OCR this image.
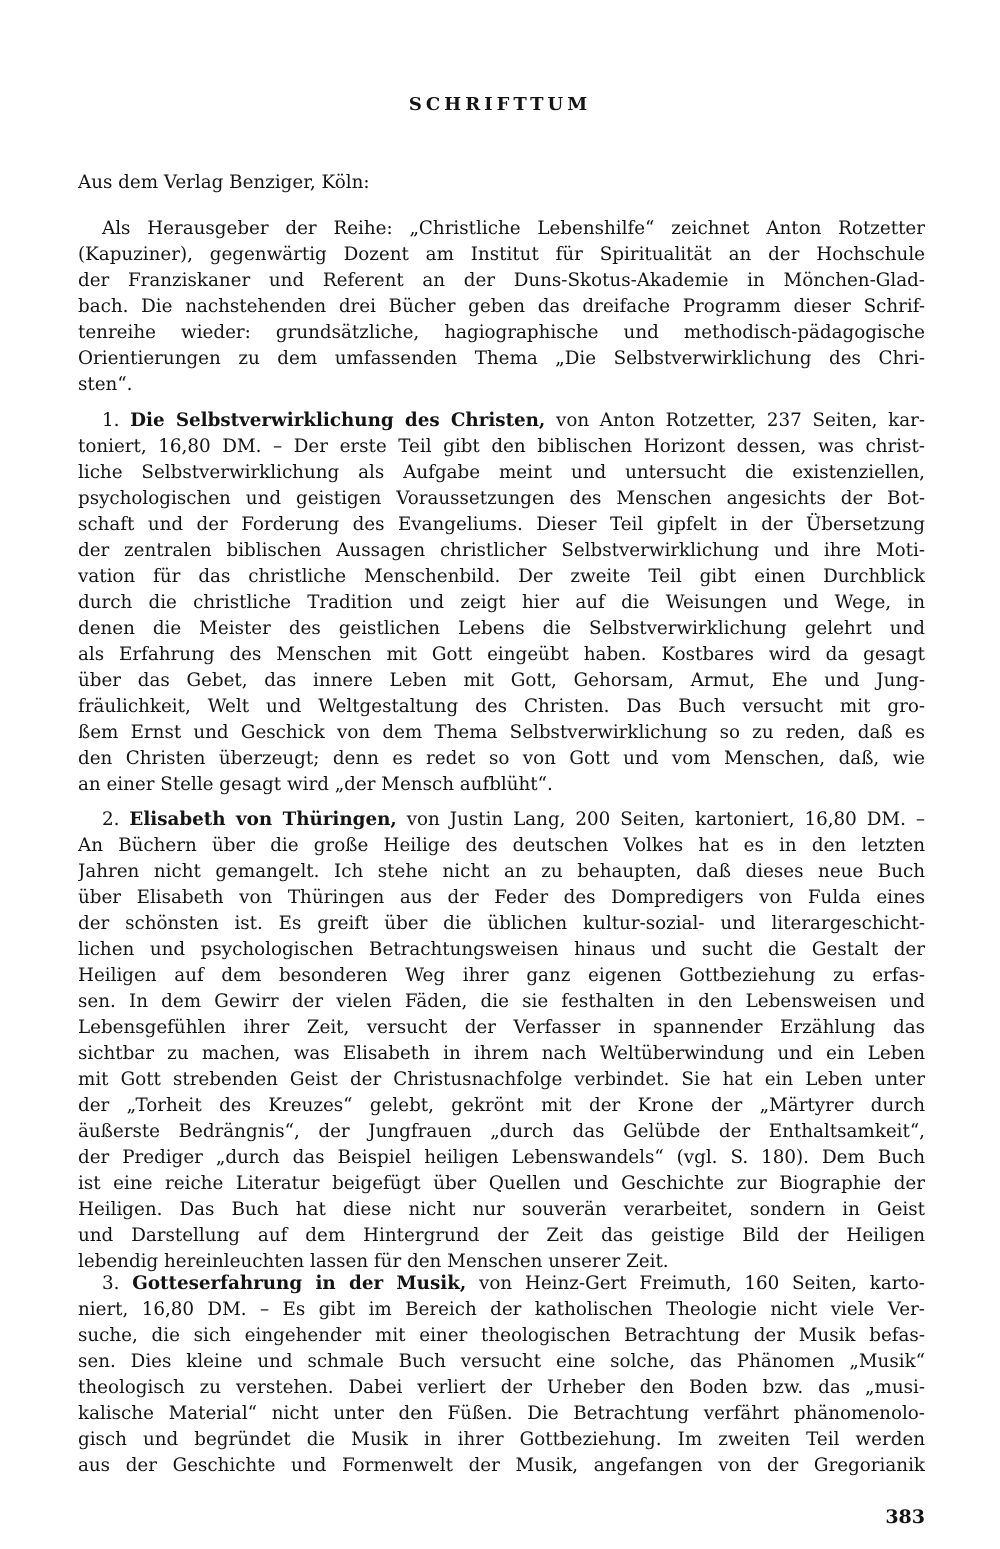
SCHRIFTTUM
Aus dem Verlag Benziger, Köln:
Als Herausgeber der Reihe: „Christliche Lebenshilfe“ zeichnet Anton Rotzetter
(Kapuziner), gegenwärtig Dozent am Institut für Spiritualität an der Hochschule
der Franziskaner und Referent an der Duns-Skotus-Akademie in Mönchen-Glad-
bach. Die nachstehenden drei Bücher geben das dreifache Programm dieser Schrif-
tenreihe wieder: grundsätzliche, hagiographische und methodisch-pädagogische
Orientierungen zu dem umfassenden Thema „Die Selbstverwirklichung des Chri-
sten“.
1. Die Selbstverwirklichung des Christen, von Anton Rotzetter, 237 Seiten, kar-
toniert, 16,80 DM. – Der erste Teil gibt den biblischen Horizont dessen, was christ-
liche Selbstverwirklichung als Aufgabe meint und untersucht die existenziellen,
psychologischen und geistigen Voraussetzungen des Menschen angesichts der Bot-
schaft und der Forderung des Evangeliums. Dieser Teil gipfelt in der Übersetzung
der zentralen biblischen Aussagen christlicher Selbstverwirklichung und ihre Moti-
vation für das christliche Menschenbild. Der zweite Teil gibt einen Durchblick
durch die christliche Tradition und zeigt hier auf die Weisungen und Wege, in
denen die Meister des geistlichen Lebens die Selbstverwirklichung gelehrt und
als Erfahrung des Menschen mit Gott eingeübt haben. Kostbares wird da gesagt
über das Gebet, das innere Leben mit Gott, Gehorsam, Armut, Ehe und Jung-
fräulichkeit, Welt und Weltgestaltung des Christen. Das Buch versucht mit gro-
ßem Ernst und Geschick von dem Thema Selbstverwirklichung so zu reden, daß es
den Christen überzeugt; denn es redet so von Gott und vom Menschen, daß, wie
an einer Stelle gesagt wird „der Mensch aufblüht“.
2. Elisabeth von Thüringen, von Justin Lang, 200 Seiten, kartoniert, 16,80 DM. –
An Büchern über die große Heilige des deutschen Volkes hat es in den letzten
Jahren nicht gemangelt. Ich stehe nicht an zu behaupten, daß dieses neue Buch
über Elisabeth von Thüringen aus der Feder des Dompredigers von Fulda eines
der schönsten ist. Es greift über die üblichen kultur-sozial- und literargeschicht-
lichen und psychologischen Betrachtungsweisen hinaus und sucht die Gestalt der
Heiligen auf dem besonderen Weg ihrer ganz eigenen Gottbeziehung zu erfas-
sen. In dem Gewirr der vielen Fäden, die sie festhalten in den Lebensweisen und
Lebensgefühlen ihrer Zeit, versucht der Verfasser in spannender Erzählung das
sichtbar zu machen, was Elisabeth in ihrem nach Weltüberwindung und ein Leben
mit Gott strebenden Geist der Christusnachfolge verbindet. Sie hat ein Leben unter
der „Torheit des Kreuzes“ gelebt, gekrönt mit der Krone der „Märtyrer durch
äußerste Bedrängnis“, der Jungfrauen „durch das Gelübde der Enthaltsamkeit“,
der Prediger „durch das Beispiel heiligen Lebenswandels“ (vgl. S. 180). Dem Buch
ist eine reiche Literatur beigefügt über Quellen und Geschichte zur Biographie der
Heiligen. Das Buch hat diese nicht nur souverän verarbeitet, sondern in Geist
und Darstellung auf dem Hintergrund der Zeit das geistige Bild der Heiligen
lebendig hereinleuchten lassen für den Menschen unserer Zeit.
3. Gotteserfahrung in der Musik, von Heinz-Gert Freimuth, 160 Seiten, karto-
niert, 16,80 DM. – Es gibt im Bereich der katholischen Theologie nicht viele Ver-
suche, die sich eingehender mit einer theologischen Betrachtung der Musik befas-
sen. Dies kleine und schmale Buch versucht eine solche, das Phänomen „Musik“
theologisch zu verstehen. Dabei verliert der Urheber den Boden bzw. das „musi-
kalische Material“ nicht unter den Füßen. Die Betrachtung verfährt phänomenolo-
gisch und begründet die Musik in ihrer Gottbeziehung. Im zweiten Teil werden
aus der Geschichte und Formenwelt der Musik, angefangen von der Gregorianik
383
